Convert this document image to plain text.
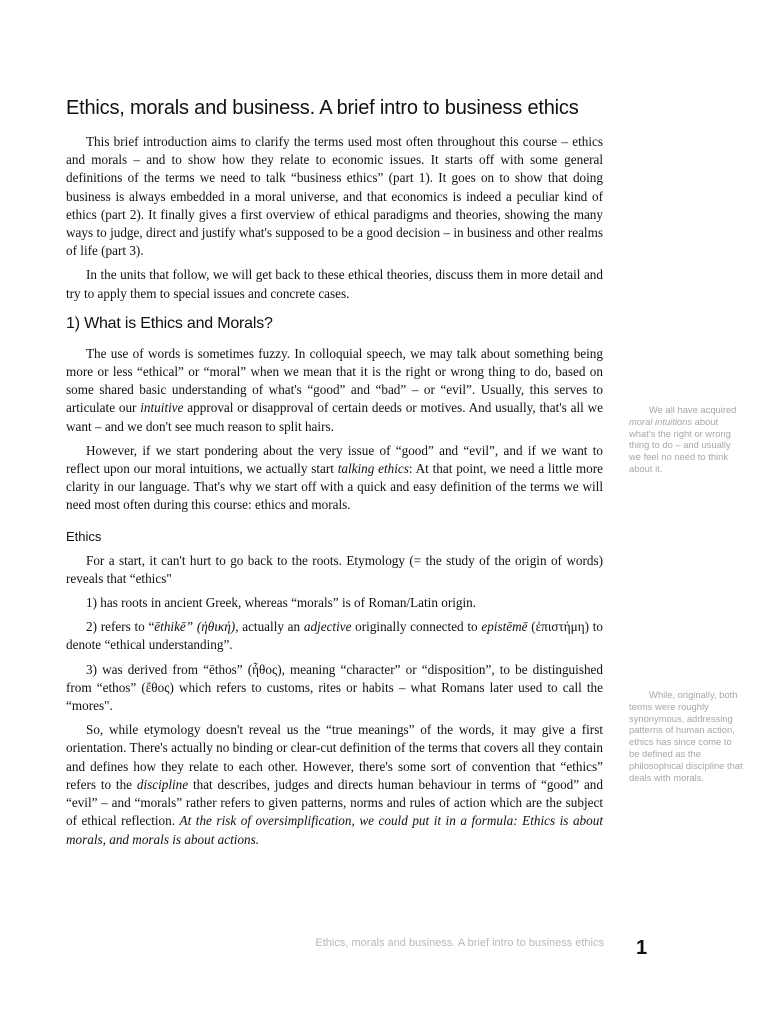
Ethics, morals and business. A brief intro to business ethics

This brief introduction aims to clarify the terms used most often throughout this course – ethics and morals – and to show how they relate to economic issues. It starts off with some general definitions of the terms we need to talk “business ethics” (part 1). It goes on to show that doing business is always embedded in a moral universe, and that economics is indeed a peculiar kind of ethics (part 2). It finally gives a first overview of ethical paradigms and theories, showing the many ways to judge, direct and justify what's supposed to be a good decision – in business and other realms of life (part 3).

In the units that follow, we will get back to these ethical theories, discuss them in more detail and try to apply them to special issues and concrete cases.

1) What is Ethics and Morals?

The use of words is sometimes fuzzy. In colloquial speech, we may talk about something being more or less “ethical” or “moral” when we mean that it is the right or wrong thing to do, based on some shared basic understanding of what's “good” and “bad” – or “evil”. Usually, this serves to articulate our intuitive approval or disapproval of certain deeds or motives. And usually, that's all we want – and we don't see much reason to split hairs.

However, if we start pondering about the very issue of “good” and “evil”, and if we want to reflect upon our moral intuitions, we actually start talking ethics: At that point, we need a little more clarity in our language. That's why we start off with a quick and easy definition of the terms we will need most often during this course: ethics and morals.

Ethics

For a start, it can't hurt to go back to the roots. Etymology (= the study of the origin of words) reveals that “ethics"

1) has roots in ancient Greek, whereas “morals” is of Roman/Latin origin.

2) refers to “ēthikē” (ἠθική), actually an adjective originally connected to epistēmē (ἐπιστήμη) to denote “ethical understanding”.

3) was derived from “ēthos” (ἦθος), meaning “character” or “disposition”, to be distinguished from “ethos” (ἔθος) which refers to customs, rites or habits – what Romans later used to call the “mores".

So, while etymology doesn't reveal us the “true meanings” of the words, it may give a first orientation. There's actually no binding or clear-cut definition of the terms that covers all they contain and defines how they relate to each other. However, there's some sort of convention that “ethics” refers to the discipline that describes, judges and directs human behaviour in terms of “good” and “evil” – and “morals” rather refers to given patterns, norms and rules of action which are the subject of ethical reflection. At the risk of oversimplification, we could put it in a formula: Ethics is about morals, and morals is about actions.

We all have acquired moral intuitions about what's the right or wrong thing to do – and usually we feel no need to think about it.

While, originally, both terms were roughly synonymous, addressing patterns of human action, ethics has since come to be defined as the philosophical discipline that deals with morals.

Ethics, morals and business. A brief intro to business ethics 1
